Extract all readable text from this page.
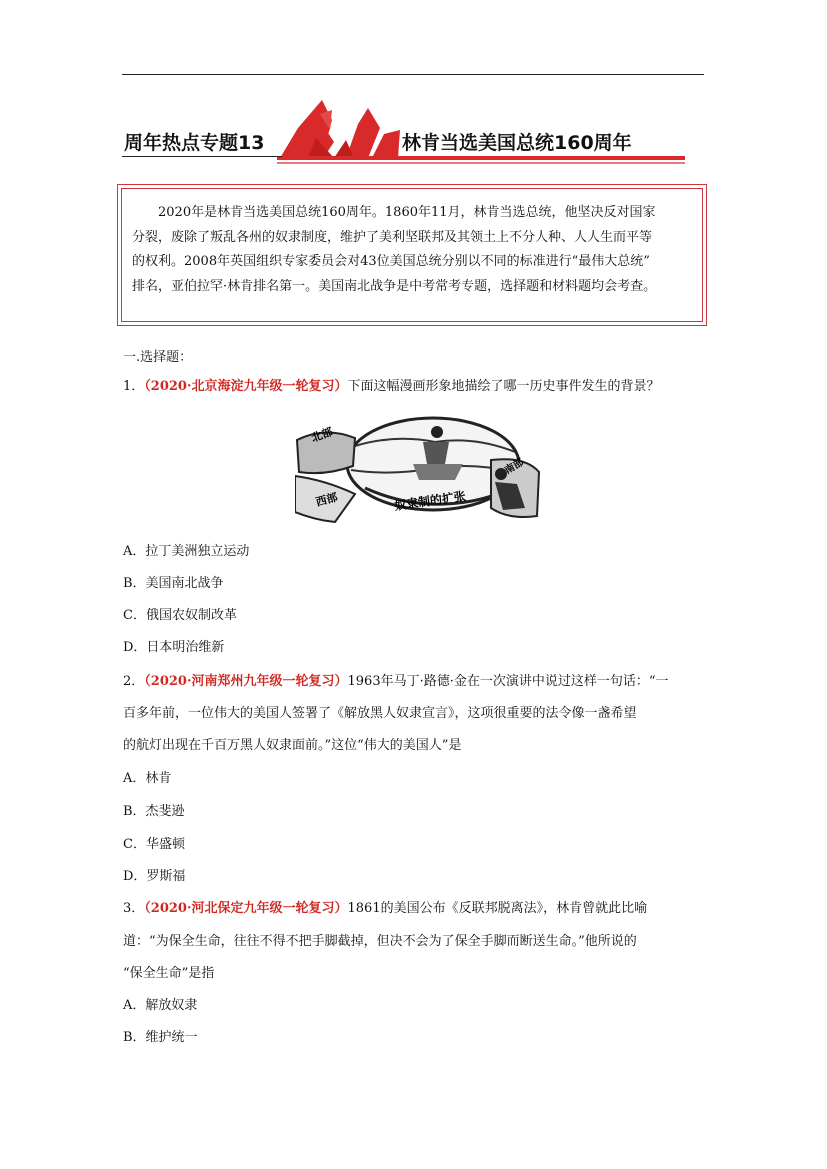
周年热点专题13	林肯当选美国总统160周年
2020年是林肯当选美国总统160周年。1860年11月，林肯当选总统，他坚决反对国家
分裂，废除了叛乱各州的奴隶制度，维护了美利坚联邦及其领土上不分人种、人人生而平等
的权利。2008年英国组织专家委员会对43位美国总统分别以不同的标准进行“最伟大总统”
排名，亚伯拉罕·林肯排名第一。美国南北战争是中考常考专题，选择题和材料题均会考查。
一.选择题：
1．（2020·北京海淀九年级一轮复习）下面这幅漫画形象地描绘了哪一历史事件发生的背景？
北部
南部
西部	奴隶制的扩张
A．拉丁美洲独立运动
B．美国南北战争
C．俄国农奴制改革
D．日本明治维新
2．（2020·河南郑州九年级一轮复习）1963年马丁·路德·金在一次演讲中说过这样一句话：“一
百多年前，一位伟大的美国人签署了《解放黑人奴隶宣言》，这项很重要的法令像一盏希望
的航灯出现在千百万黑人奴隶面前。”这位“伟大的美国人”是
A．林肯
B．杰斐逊
C．华盛顿
D．罗斯福
3．（2020·河北保定九年级一轮复习）1861的美国公布《反联邦脱离法》，林肯曾就此比喻
道：“为保全生命，往往不得不把手脚截掉，但决不会为了保全手脚而断送生命。”他所说的
“保全生命”是指
A．解放奴隶
B．维护统一
